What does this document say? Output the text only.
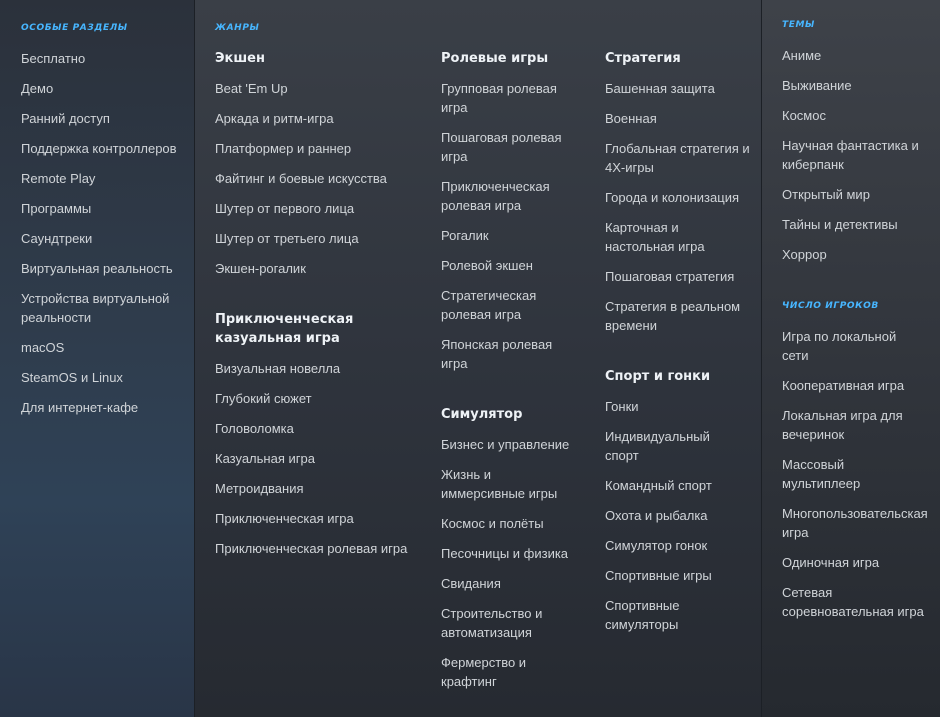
ОСОБЫЕ РАЗДЕЛЫ
Бесплатно
Демо
Ранний доступ
Поддержка контроллеров
Remote Play
Программы
Саундтреки
Виртуальная реальность
Устройства виртуальной реальности
macOS
SteamOS и Linux
Для интернет-кафе
ЖАНРЫ
Экшен
Beat 'Em Up
Аркада и ритм-игра
Платформер и раннер
Файтинг и боевые искусства
Шутер от первого лица
Шутер от третьего лица
Экшен-рогалик
Приключенческая казуальная игра
Визуальная новелла
Глубокий сюжет
Головоломка
Казуальная игра
Метроидвания
Приключенческая игра
Приключенческая ролевая игра
Ролевые игры
Групповая ролевая игра
Пошаговая ролевая игра
Приключенческая ролевая игра
Рогалик
Ролевой экшен
Стратегическая ролевая игра
Японская ролевая игра
Симулятор
Бизнес и управление
Жизнь и иммерсивные игры
Космос и полёты
Песочницы и физика
Свидания
Строительство и автоматизация
Фермерство и крафтинг
Стратегия
Башенная защита
Военная
Глобальная стратегия и 4X-игры
Города и колонизация
Карточная и настольная игра
Пошаговая стратегия
Стратегия в реальном времени
Спорт и гонки
Гонки
Индивидуальный спорт
Командный спорт
Охота и рыбалка
Симулятор гонок
Спортивные игры
Спортивные симуляторы
ТЕМЫ
Аниме
Выживание
Космос
Научная фантастика и киберпанк
Открытый мир
Тайны и детективы
Хоррор
ЧИСЛО ИГРОКОВ
Игра по локальной сети
Кооперативная игра
Локальная игра для вечеринок
Массовый мультиплеер
Многопользовательская игра
Одиночная игра
Сетевая соревновательная игра
